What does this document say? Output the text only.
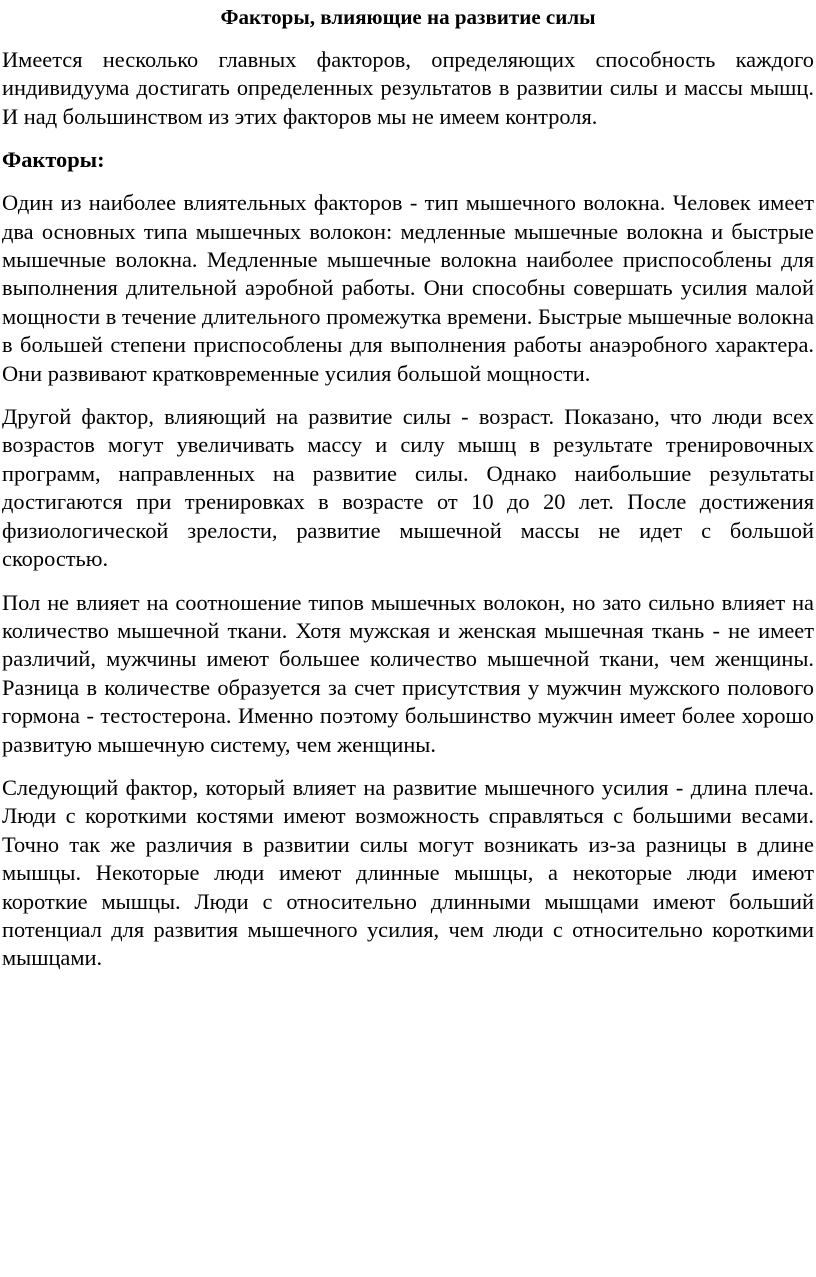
Факторы, влияющие на развитие силы
Имеется несколько главных факторов, определяющих способность каждого индивидуума достигать определенных результатов в развитии силы и массы мышц. И над большинством из этих факторов мы не имеем контроля.
Факторы:
Один из наиболее влиятельных факторов - тип мышечного волокна. Человек имеет два основных типа мышечных волокон: медленные мышечные волокна и быстрые мышечные волокна. Медленные мышечные волокна наиболее приспособлены для выполнения длительной аэробной работы. Они способны совершать усилия малой мощности в течение длительного промежутка времени. Быстрые мышечные волокна в большей степени приспособлены для выполнения работы анаэробного характера. Они развивают кратковременные усилия большой мощности.
Другой фактор, влияющий на развитие силы - возраст. Показано, что люди всех возрастов могут увеличивать массу и силу мышц в результате тренировочных программ, направленных на развитие силы. Однако наибольшие результаты достигаются при тренировках в возрасте от 10 до 20 лет. После достижения физиологической зрелости, развитие мышечной массы не идет с большой скоростью.
Пол не влияет на соотношение типов мышечных волокон, но зато сильно влияет на количество мышечной ткани. Хотя мужская и женская мышечная ткань - не имеет различий, мужчины имеют большее количество мышечной ткани, чем женщины. Разница в количестве образуется за счет присутствия у мужчин мужского полового гормона - тестостерона. Именно поэтому большинство мужчин имеет более хорошо развитую мышечную систему, чем женщины.
Следующий фактор, который влияет на развитие мышечного усилия - длина плеча. Люди с короткими костями имеют возможность справляться с большими весами. Точно так же различия в развитии силы могут возникать из-за разницы в длине мышцы. Некоторые люди имеют длинные мышцы, а некоторые люди имеют короткие мышцы. Люди с относительно длинными мышцами имеют больший потенциал для развития мышечного усилия, чем люди с относительно короткими мышцами.
